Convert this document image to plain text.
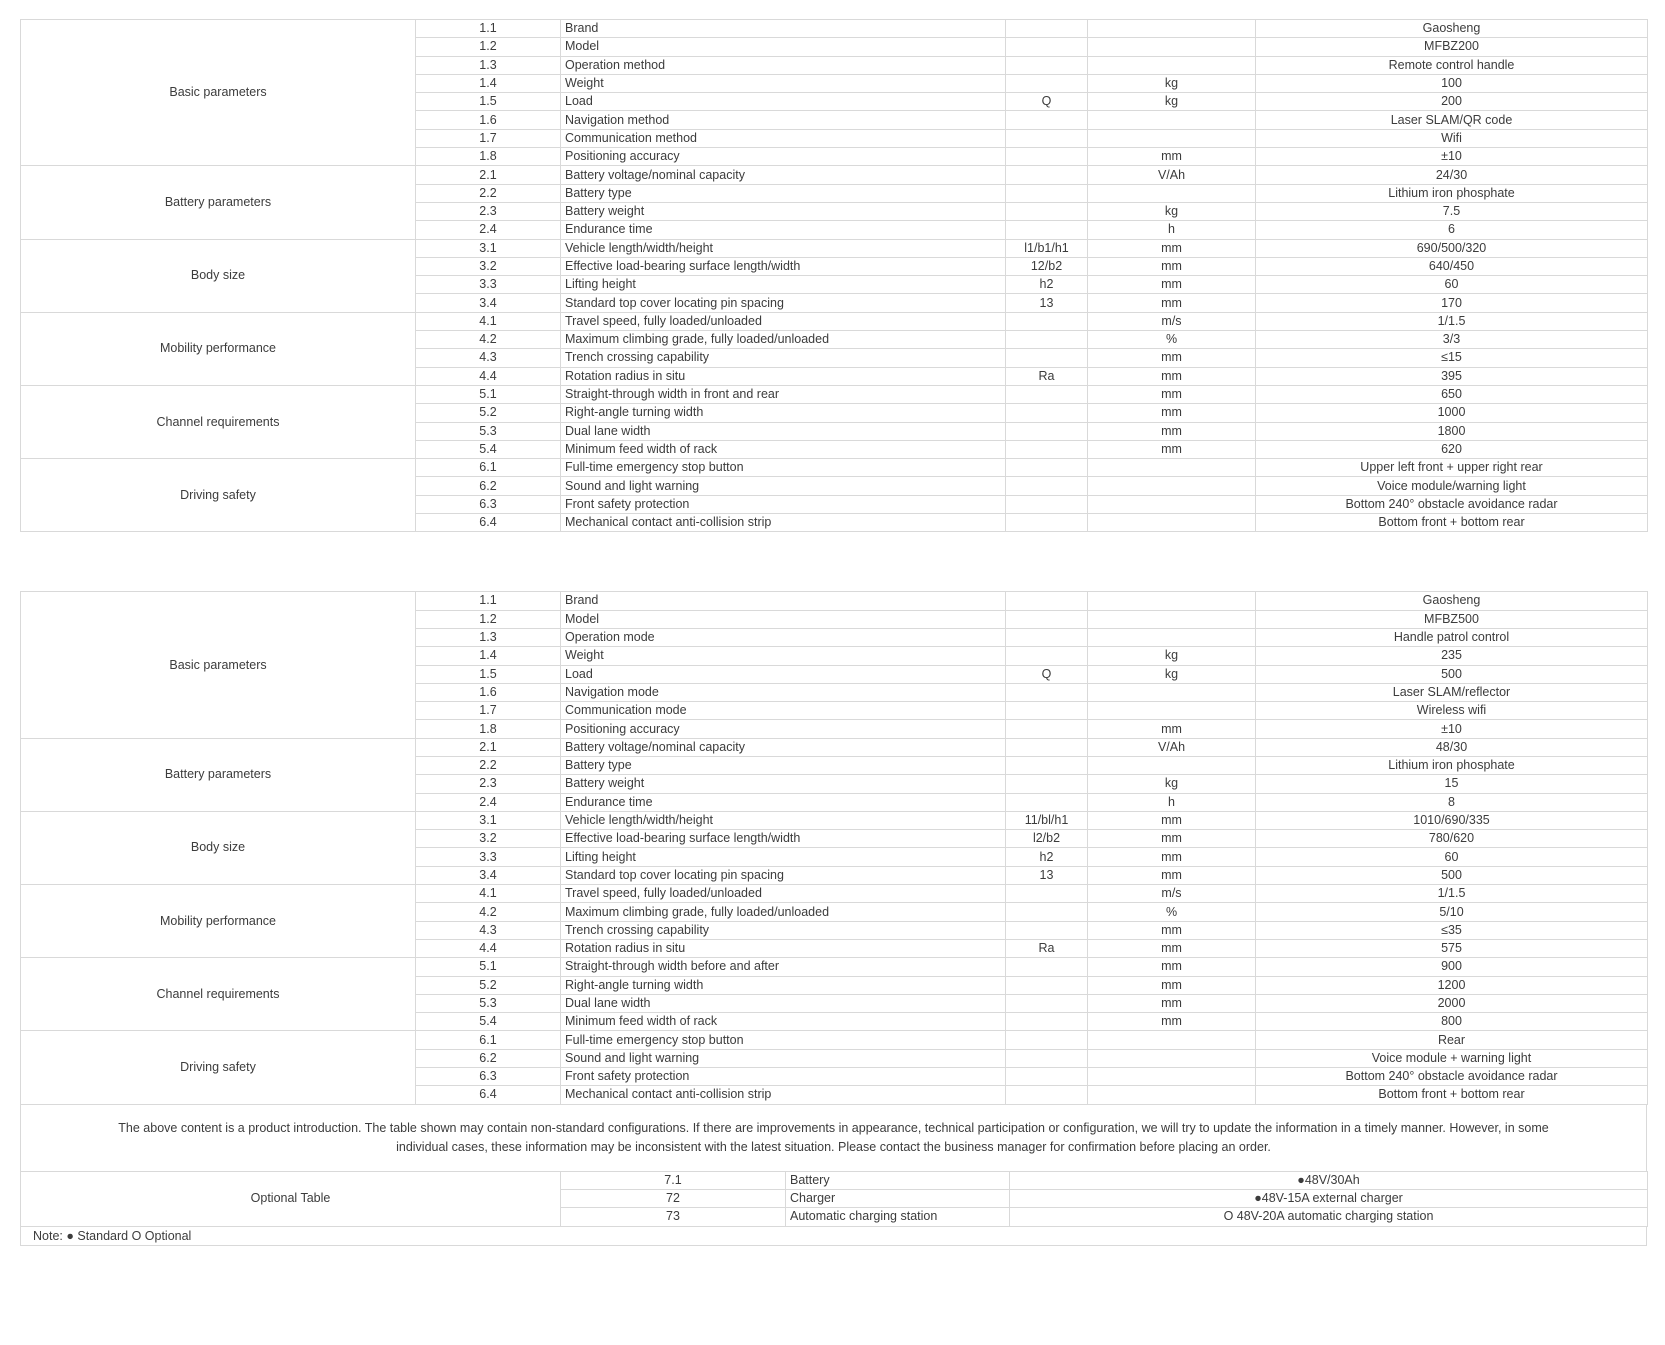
Basic parameters	1.1	Brand			Gaosheng
	1.2	Model			MFBZ200
	1.3	Operation method			Remote control handle
	1.4	Weight		kg	100
	1.5	Load	Q	kg	200
	1.6	Navigation method			Laser SLAM/QR code
	1.7	Communication method			Wifi
	1.8	Positioning accuracy		mm	±10
Battery parameters	2.1	Battery voltage/nominal capacity		V/Ah	24/30
	2.2	Battery type			Lithium iron phosphate
	2.3	Battery weight		kg	7.5
	2.4	Endurance time		h	6
Body size	3.1	Vehicle length/width/height	l1/b1/h1	mm	690/500/320
	3.2	Effective load-bearing surface length/width	12/b2	mm	640/450
	3.3	Lifting height	h2	mm	60
	3.4	Standard top cover locating pin spacing	13	mm	170
Mobility performance	4.1	Travel speed, fully loaded/unloaded		m/s	1/1.5
	4.2	Maximum climbing grade, fully loaded/unloaded		%	3/3
	4.3	Trench crossing capability		mm	≤15
	4.4	Rotation radius in situ	Ra	mm	395
Channel requirements	5.1	Straight-through width in front and rear		mm	650
	5.2	Right-angle turning width		mm	1000
	5.3	Dual lane width		mm	1800
	5.4	Minimum feed width of rack		mm	620
Driving safety	6.1	Full-time emergency stop button			Upper left front + upper right rear
	6.2	Sound and light warning			Voice module/warning light
	6.3	Front safety protection			Bottom 240° obstacle avoidance radar
	6.4	Mechanical contact anti-collision strip			Bottom front + bottom rear
Basic parameters	1.1	Brand			Gaosheng
	1.2	Model			MFBZ500
	1.3	Operation mode			Handle patrol control
	1.4	Weight		kg	235
	1.5	Load	Q	kg	500
	1.6	Navigation mode			Laser SLAM/reflector
	1.7	Communication mode			Wireless wifi
	1.8	Positioning accuracy		mm	±10
Battery parameters	2.1	Battery voltage/nominal capacity		V/Ah	48/30
	2.2	Battery type			Lithium iron phosphate
	2.3	Battery weight		kg	15
	2.4	Endurance time		h	8
Body size	3.1	Vehicle length/width/height	11/bl/h1	mm	1010/690/335
	3.2	Effective load-bearing surface length/width	l2/b2	mm	780/620
	3.3	Lifting height	h2	mm	60
	3.4	Standard top cover locating pin spacing	13	mm	500
Mobility performance	4.1	Travel speed, fully loaded/unloaded		m/s	1/1.5
	4.2	Maximum climbing grade, fully loaded/unloaded		%	5/10
	4.3	Trench crossing capability		mm	≤35
	4.4	Rotation radius in situ	Ra	mm	575
Channel requirements	5.1	Straight-through width before and after		mm	900
	5.2	Right-angle turning width		mm	1200
	5.3	Dual lane width		mm	2000
	5.4	Minimum feed width of rack		mm	800
Driving safety	6.1	Full-time emergency stop button			Rear
	6.2	Sound and light warning			Voice module + warning light
	6.3	Front safety protection			Bottom 240° obstacle avoidance radar
	6.4	Mechanical contact anti-collision strip			Bottom front + bottom rear
The above content is a product introduction. The table shown may contain non-standard configurations. If there are improvements in appearance, technical participation or configuration, we will try to update the information in a timely manner. However, in some
individual cases, these information may be inconsistent with the latest situation. Please contact the business manager for confirmation before placing an order.
Optional Table	7.1	Battery	●48V/30Ah
	72	Charger	●48V-15A external charger
	73	Automatic charging station	O 48V-20A automatic charging station
Note: ● Standard O Optional
